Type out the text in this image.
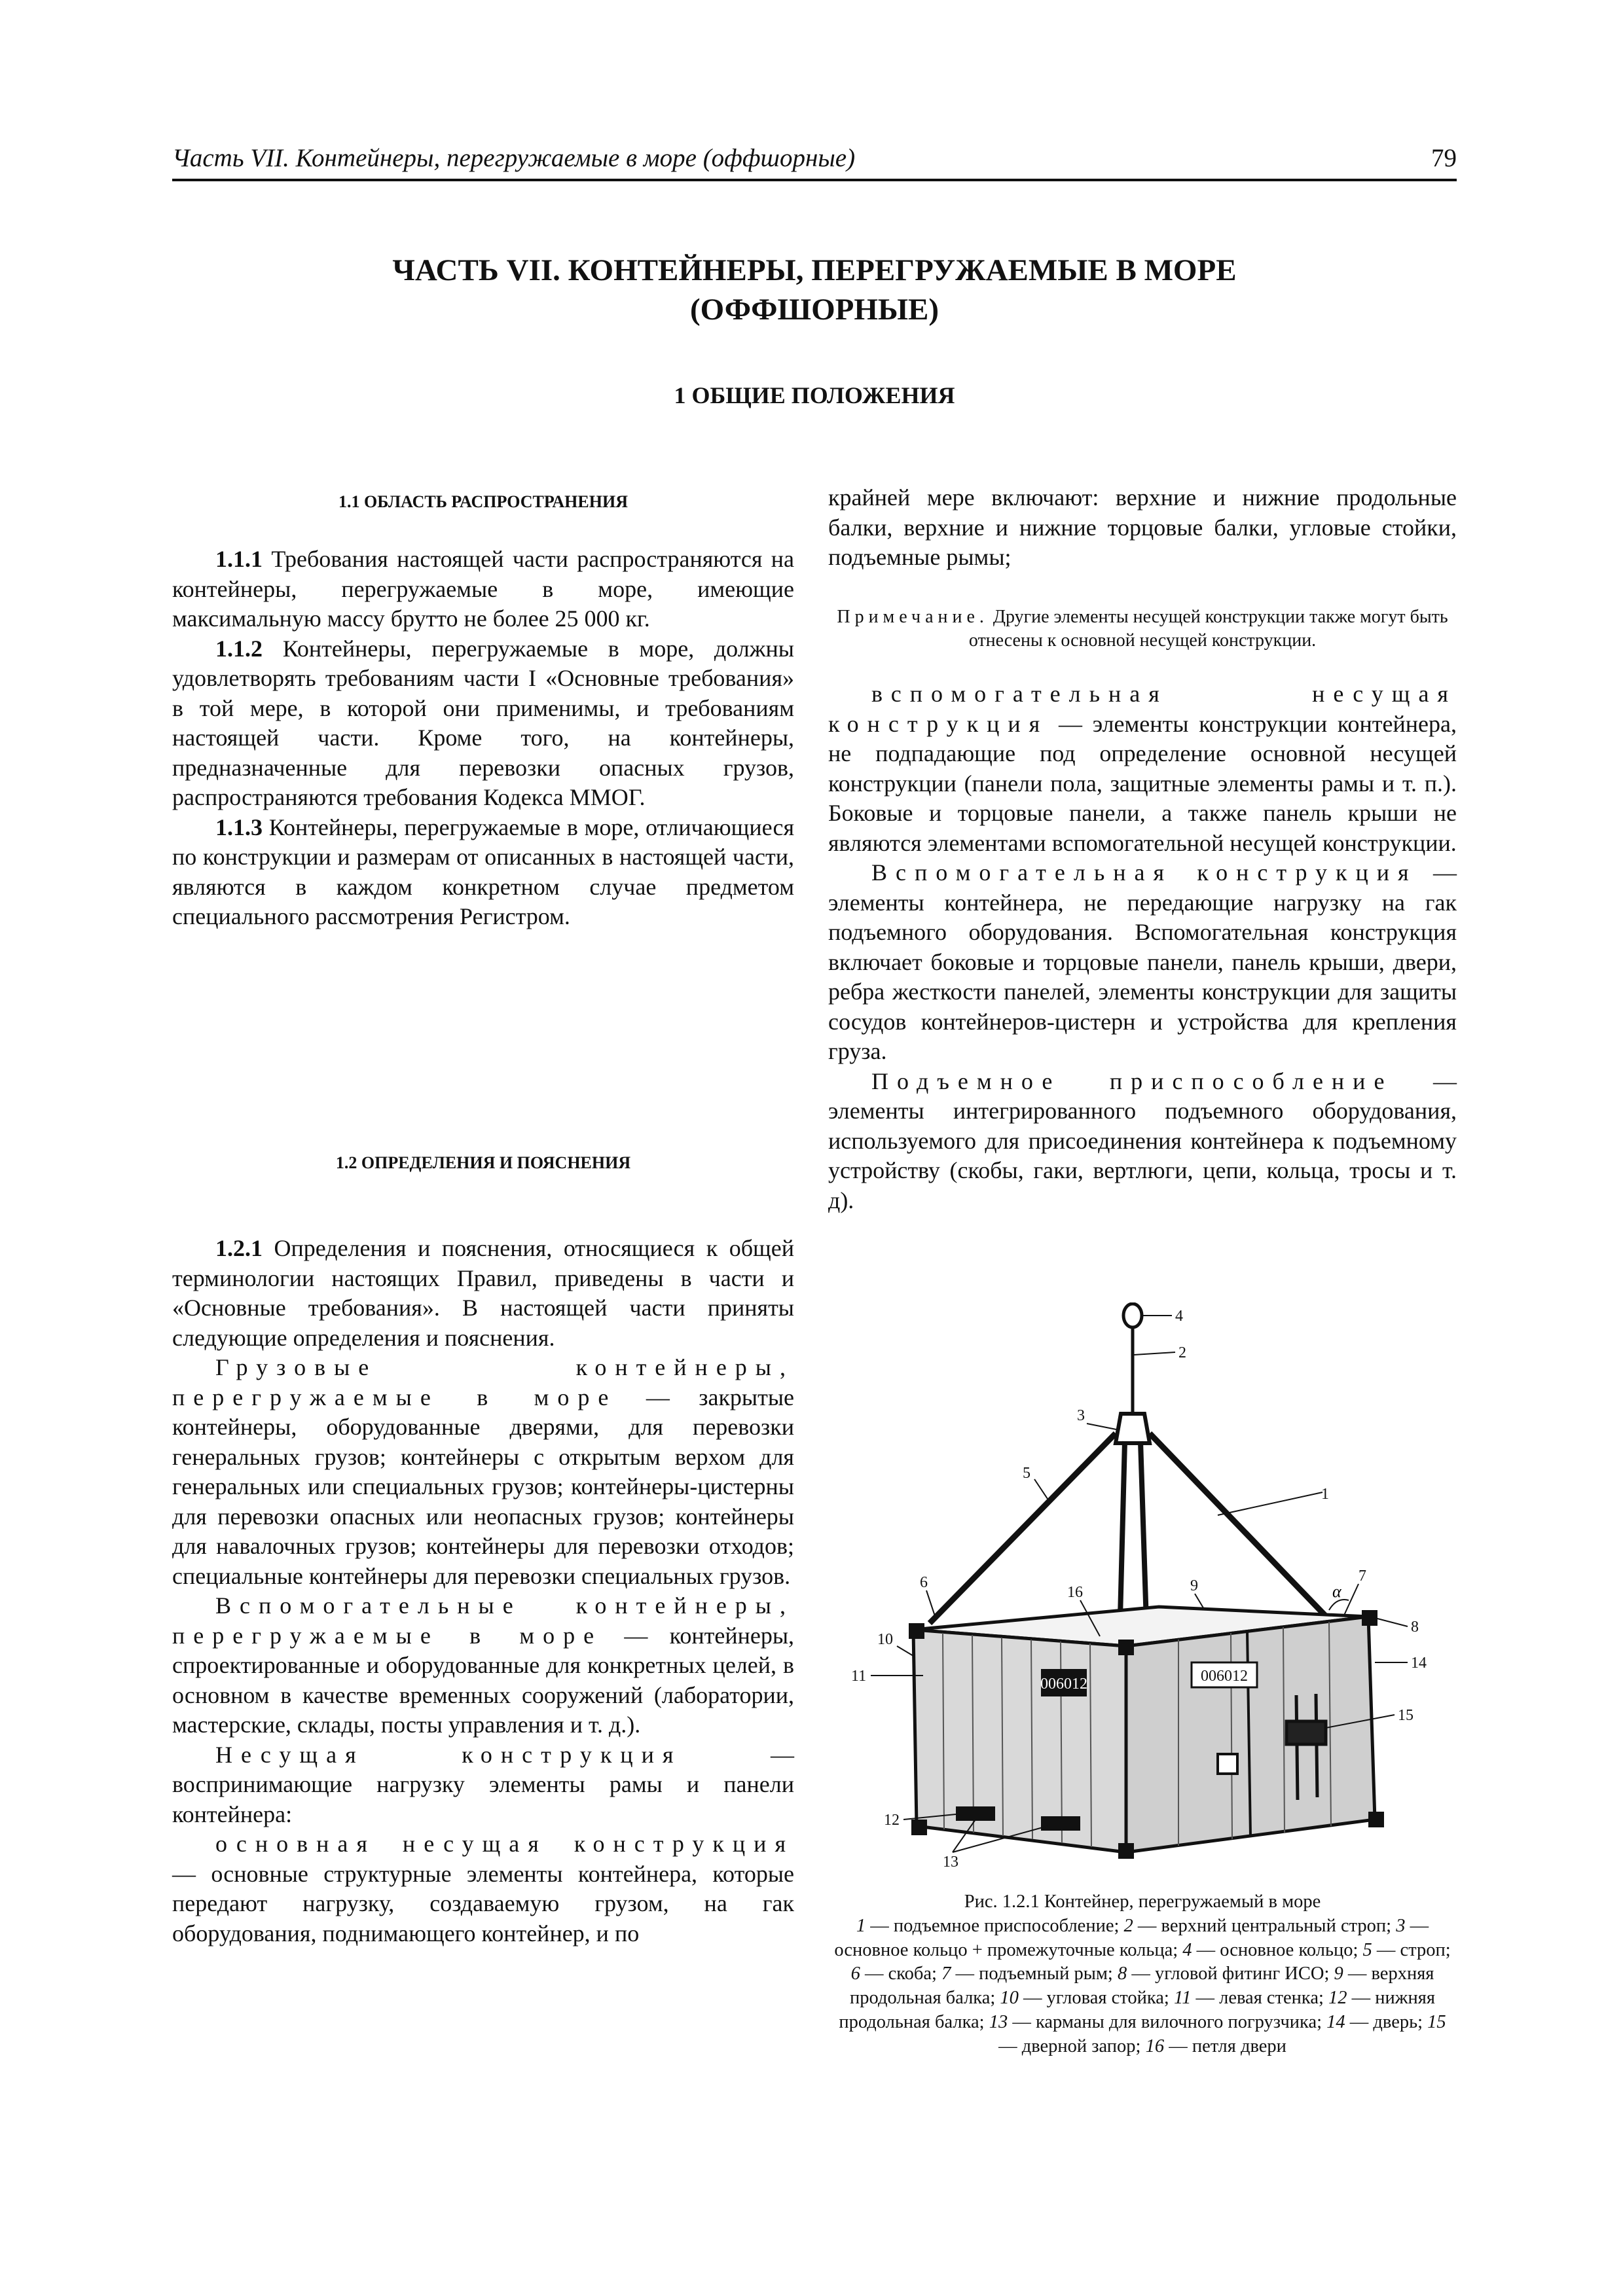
Часть VII. Контейнеры, перегружаемые в море (оффшорные)	79
ЧАСТЬ VII. КОНТЕЙНЕРЫ, ПЕРЕГРУЖАЕМЫЕ В МОРЕ
(ОФФШОРНЫЕ)
1 ОБЩИЕ ПОЛОЖЕНИЯ
1.1 ОБЛАСТЬ РАСПРОСТРАНЕНИЯ

1.1.1 Требования настоящей части распространяются на контейнеры, перегружаемые в море, имеющие максимальную массу брутто не более 25 000 кг.

1.1.2 Контейнеры, перегружаемые в море, должны удовлетворять требованиям части I «Основные требования» в той мере, в которой они применимы, и требованиям настоящей части. Кроме того, на контейнеры, предназначенные для перевозки опасных грузов, распространяются требования Кодекса ММОГ.

1.1.3 Контейнеры, перегружаемые в море, отличающиеся по конструкции и размерам от описанных в настоящей части, являются в каждом конкретном случае предметом специального рассмотрения Регистром.

1.2 ОПРЕДЕЛЕНИЯ И ПОЯСНЕНИЯ

1.2.1 Определения и пояснения, относящиеся к общей терминологии настоящих Правил, приведены в части и «Основные требования». В настоящей части приняты следующие определения и пояснения.

Грузовые контейнеры, перегружаемые в море — закрытые контейнеры, оборудованные дверями, для перевозки генеральных грузов; контейнеры с открытым верхом для генеральных или специальных грузов; контейнеры-цистерны для перевозки опасных или неопасных грузов; контейнеры для навалочных грузов; контейнеры для перевозки отходов; специальные контейнеры для перевозки специальных грузов.

Вспомогательные контейнеры, перегружаемые в море — контейнеры, спроектированные и оборудованные для конкретных целей, в основном в качестве временных сооружений (лаборатории, мастерские, склады, посты управления и т. д.).

Несущая конструкция	— воспринимающие нагрузку элементы рамы и панели контейнера:

основная несущая конструкция — основные структурные элементы контейнера, которые передают нагрузку, создаваемую грузом, на гак оборудования, поднимающего контейнер, и по

крайней мере включают: верхние и нижние продольные балки, верхние и нижние торцовые балки, угловые стойки, подъемные рымы;

Примечание. Другие элементы несущей конструкции также могут быть отнесены к основной несущей конструкции.

вспомогательная несущая конструкция — элементы конструкции контейнера, не подпадающие под определение основной несущей конструкции (панели пола, защитные элементы рамы и т. п.). Боковые и торцовые панели, а также панель крыши не являются элементами вспомогательной несущей конструкции.

Вспомогательная конструкция — элементы контейнера, не передающие нагрузку на гак подъемного оборудования. Вспомогательная конструкция включает боковые и торцовые панели, панель крыши, двери, ребра жесткости панелей, элементы конструкции для защиты сосудов контейнеров-цистерн и устройства для крепления груза.

Подъемное приспособление — элементы интегрированного подъемного оборудования, используемого для присоединения контейнера к подъемному устройству (скобы, гаки, вертлюги, цепи, кольца, тросы и т. д).

006012	006012
α
1
2
3
4
5
6	7
8
9
10
11
12
13
14
15
16
Рис. 1.2.1 Контейнер, перегружаемый в море
1 — подъемное приспособление; 2 — верхний центральный строп; 3 — основное кольцо + промежуточные кольца; 4 — основное кольцо; 5 — строп; 6 — скоба; 7 — подъемный рым; 8 — угловой фитинг ИСО; 9 — верхняя продольная балка; 10 — угловая стойка; 11 — левая стенка; 12 — нижняя продольная балка; 13 — карманы для вилочного погрузчика; 14 — дверь; 15 — дверной запор; 16 — петля двери
